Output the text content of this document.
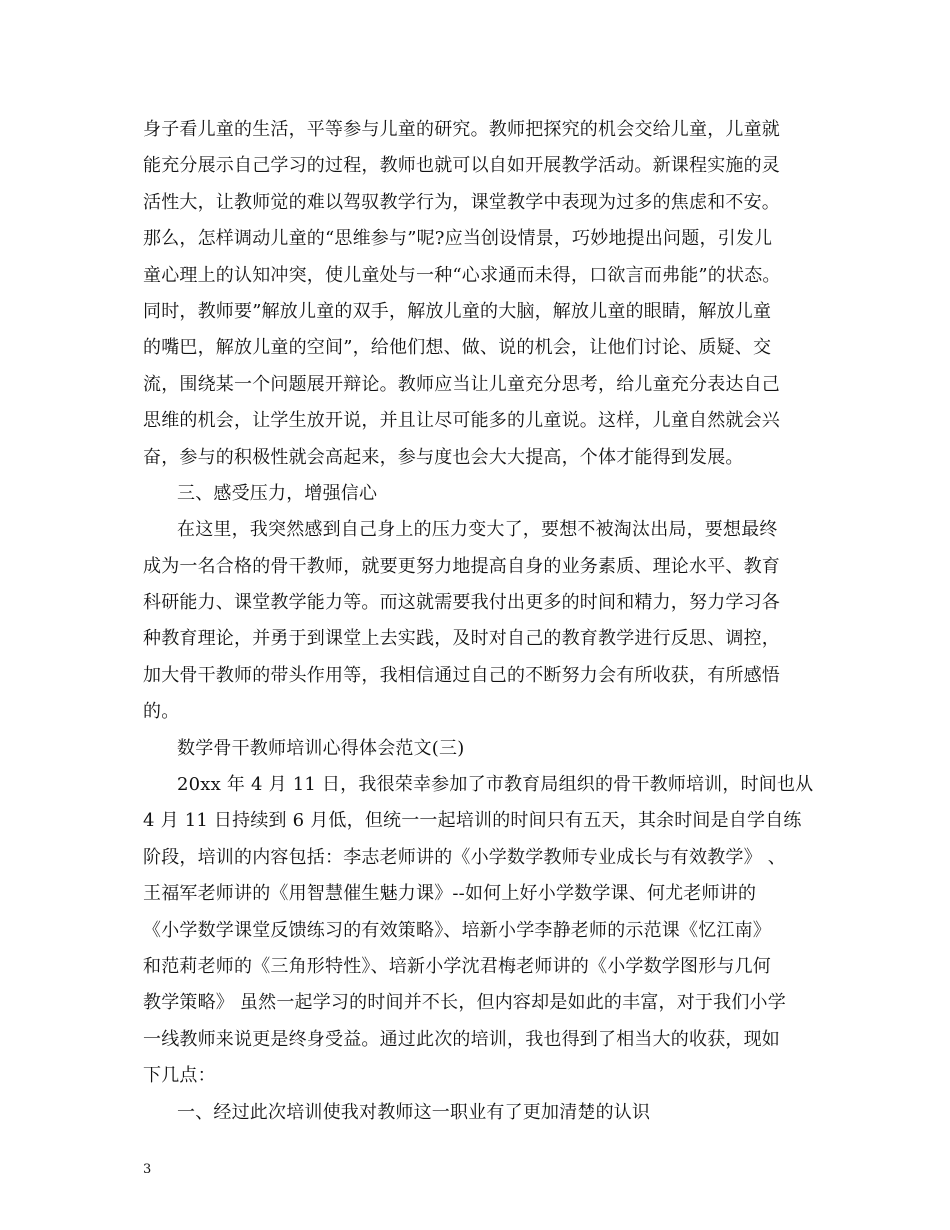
身子看儿童的生活，平等参与儿童的研究。教师把探究的机会交给儿童，儿童就
能充分展示自己学习的过程，教师也就可以自如开展教学活动。新课程实施的灵
活性大，让教师觉的难以驾驭教学行为，课堂教学中表现为过多的焦虑和不安。
那么，怎样调动儿童的“思维参与”呢?应当创设情景，巧妙地提出问题，引发儿
童心理上的认知冲突，使儿童处与一种“心求通而未得，口欲言而弗能”的状态。
同时，教师要”解放儿童的双手，解放儿童的大脑，解放儿童的眼睛，解放儿童
的嘴巴，解放儿童的空间”，给他们想、做、说的机会，让他们讨论、质疑、交
流，围绕某一个问题展开辩论。教师应当让儿童充分思考，给儿童充分表达自己
思维的机会，让学生放开说，并且让尽可能多的儿童说。这样，儿童自然就会兴
奋，参与的积极性就会高起来，参与度也会大大提高，个体才能得到发展。
三、感受压力，增强信心
在这里，我突然感到自己身上的压力变大了，要想不被淘汰出局，要想最终
成为一名合格的骨干教师，就要更努力地提高自身的业务素质、理论水平、教育
科研能力、课堂教学能力等。而这就需要我付出更多的时间和精力，努力学习各
种教育理论，并勇于到课堂上去实践，及时对自己的教育教学进行反思、调控，
加大骨干教师的带头作用等，我相信通过自己的不断努力会有所收获，有所感悟
的。
数学骨干教师培训心得体会范文(三)
20xx 年 4 月 11 日，我很荣幸参加了市教育局组织的骨干教师培训，时间也从
4 月 11 日持续到 6 月低，但统一一起培训的时间只有五天，其余时间是自学自练
阶段，培训的内容包括：李志老师讲的《小学数学教师专业成长与有效教学》 、
王福军老师讲的《用智慧催生魅力课》--如何上好小学数学课、何尤老师讲的
《小学数学课堂反馈练习的有效策略》、培新小学李静老师的示范课《忆江南》
和范莉老师的《三角形特性》、培新小学沈君梅老师讲的《小学数学图形与几何
教学策略》 虽然一起学习的时间并不长，但内容却是如此的丰富，对于我们小学
一线教师来说更是终身受益。通过此次的培训，我也得到了相当大的收获，现如
下几点：
一、经过此次培训使我对教师这一职业有了更加清楚的认识
3
